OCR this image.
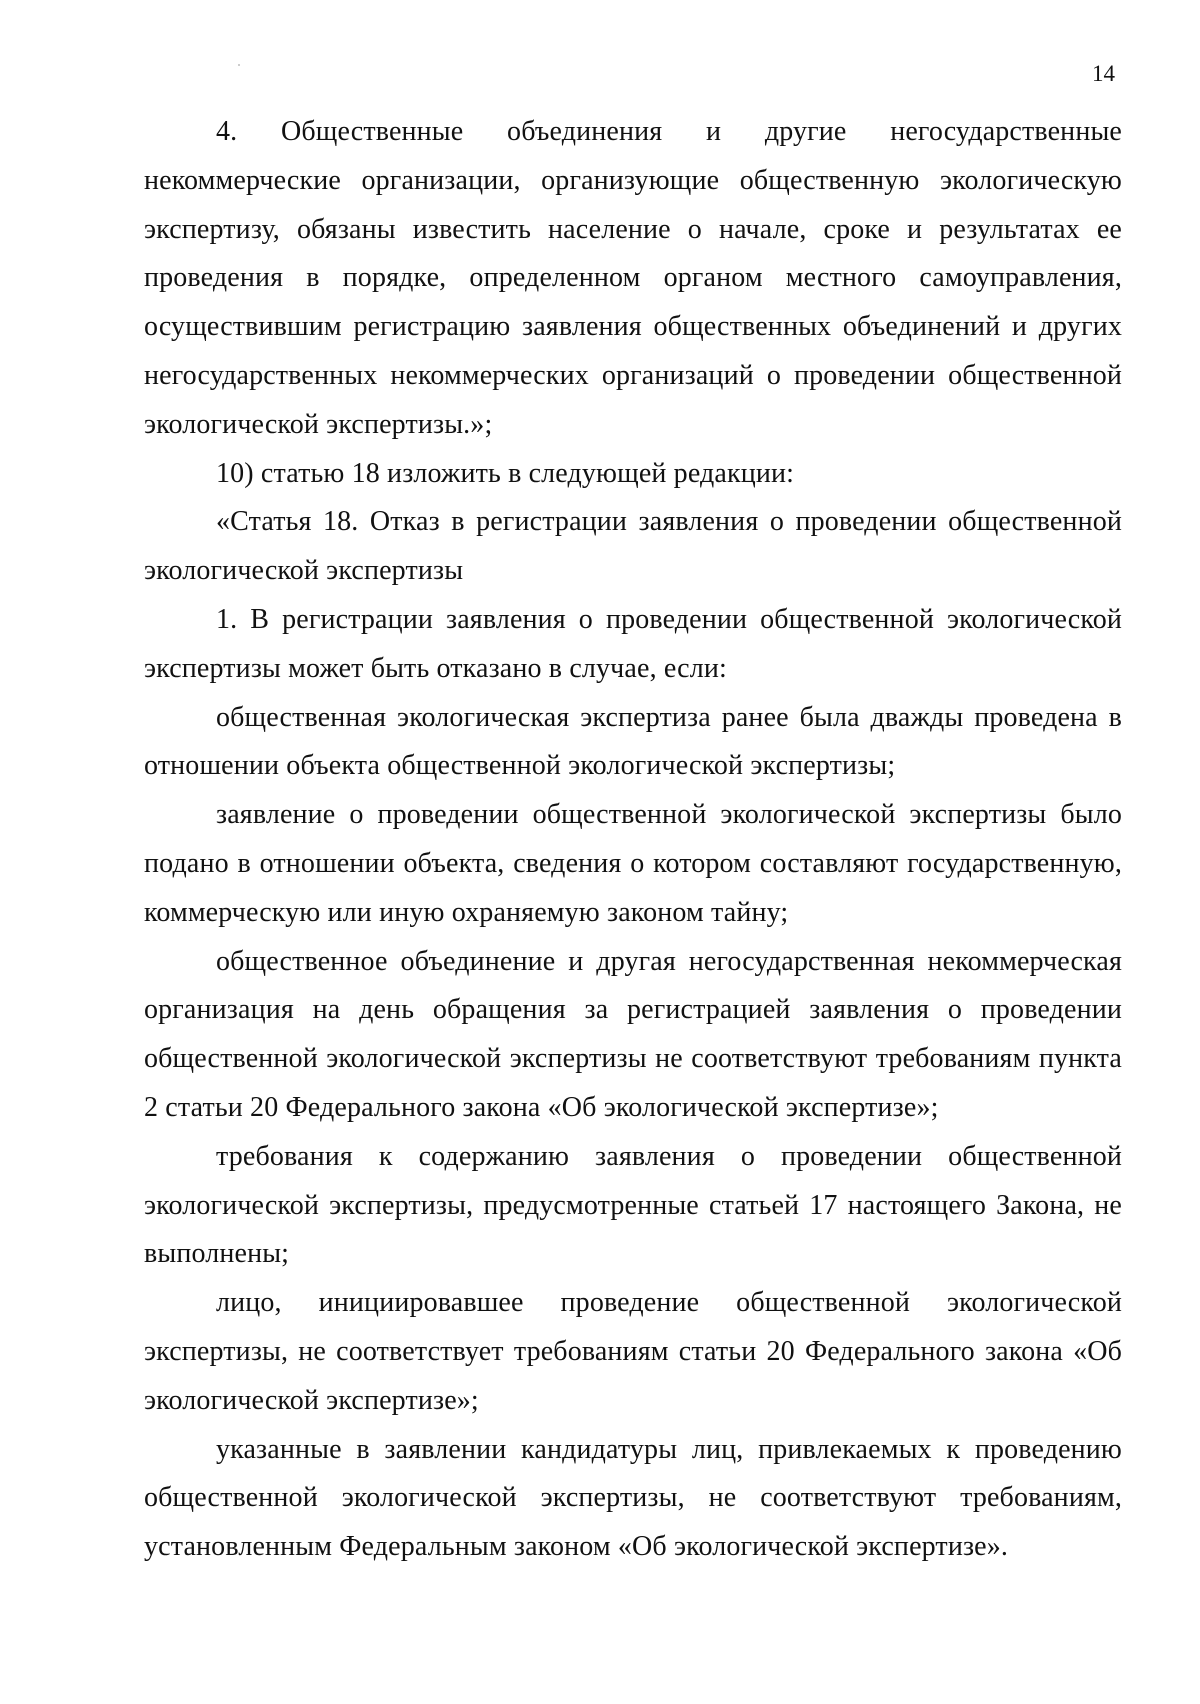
14

4. Общественные объединения и другие негосударственные некоммерческие организации, организующие общественную экологическую экспертизу, обязаны известить население о начале, сроке и результатах ее проведения в порядке, определенном органом местного самоуправления, осуществившим регистрацию заявления общественных объединений и других негосударственных некоммерческих организаций о проведении общественной экологической экспертизы.»;

10) статью 18 изложить в следующей редакции:

«Статья 18. Отказ в регистрации заявления о проведении общественной экологической экспертизы

1. В регистрации заявления о проведении общественной экологической экспертизы может быть отказано в случае, если:

общественная экологическая экспертиза ранее была дважды проведена в отношении объекта общественной экологической экспертизы;

заявление о проведении общественной экологической экспертизы было подано в отношении объекта, сведения о котором составляют государственную, коммерческую или иную охраняемую законом тайну;

общественное объединение и другая негосударственная некоммерческая организация на день обращения за регистрацией заявления о проведении общественной экологической экспертизы не соответствуют требованиям пункта 2 статьи 20 Федерального закона «Об экологической экспертизе»;

требования к содержанию заявления о проведении общественной экологической экспертизы, предусмотренные статьей 17 настоящего Закона, не выполнены;

лицо, инициировавшее проведение общественной экологической экспертизы, не соответствует требованиям статьи 20 Федерального закона «Об экологической экспертизе»;

указанные в заявлении кандидатуры лиц, привлекаемых к проведению общественной экологической экспертизы, не соответствуют требованиям, установленным Федеральным законом «Об экологической экспертизе».
